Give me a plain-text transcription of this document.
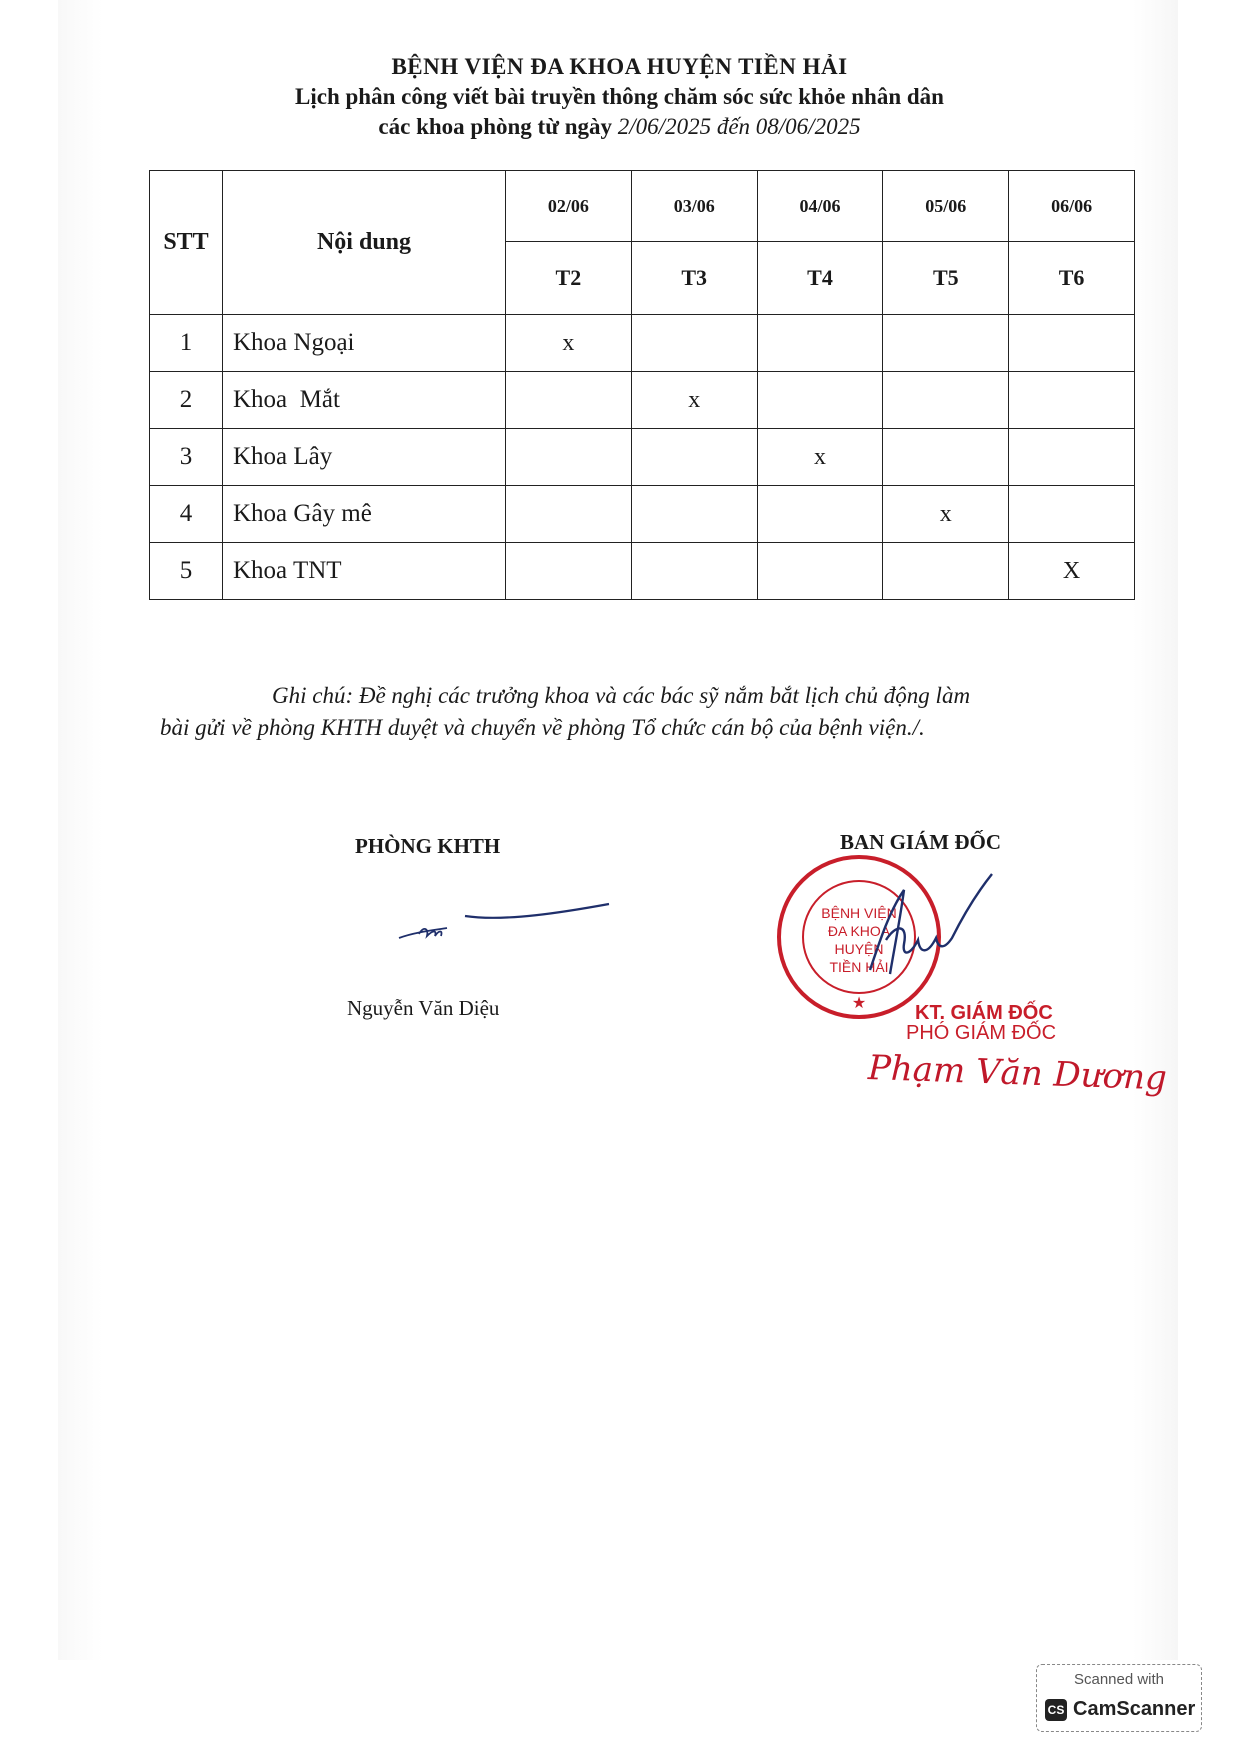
BỆNH VIỆN ĐA KHOA HUYỆN TIỀN HẢI
Lịch phân công viết bài truyền thông chăm sóc sức khỏe nhân dân
các khoa phòng từ ngày 2/06/2025 đến 08/06/2025
STT	Nội dung	02/06	03/06	04/06	05/06	06/06
		T2	T3	T4	T5	T6
1	Khoa Ngoại	x				
2	Khoa  Mắt		x			
3	Khoa Lây			x		
4	Khoa Gây mê				x	
5	Khoa TNT					X
Ghi chú: Đề nghị các trưởng khoa và các bác sỹ nắm bắt lịch chủ động làm
bài gửi về phòng KHTH duyệt và chuyển về phòng Tổ chức cán bộ của bệnh viện./.
PHÒNG KHTH
Nguyễn Văn Diệu
BAN GIÁM ĐỐC
BỆNH VIỆN
ĐA KHOA
HUYỆN
TIỀN HẢI
★ KT. GIÁM ĐỐC
PHÓ GIÁM ĐỐC
Phạm Văn Dương
Scanned with
CS CamScanner
